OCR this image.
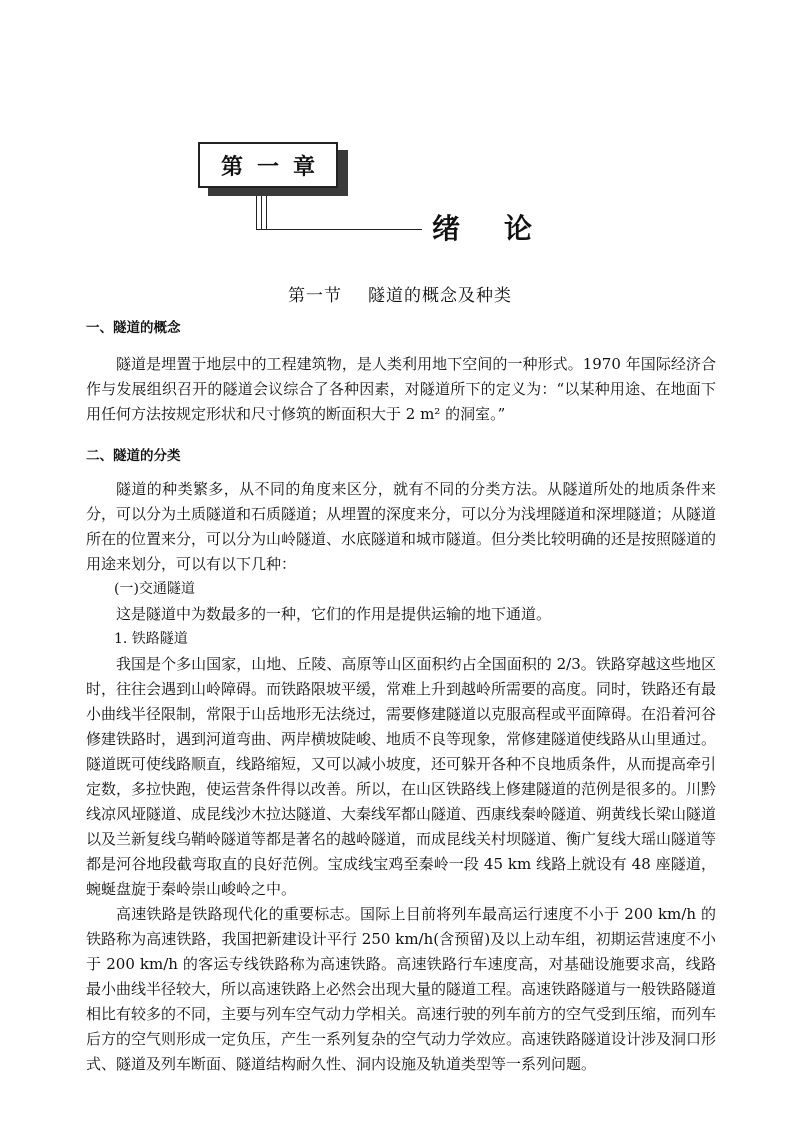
第一章
绪论
第一节 隧道的概念及种类

一、隧道的概念

隧道是埋置于地层中的工程建筑物，是人类利用地下空间的一种形式。1970 年国际经济合作与发展组织召开的隧道会议综合了各种因素，对隧道所下的定义为：“以某种用途、在地面下用任何方法按规定形状和尺寸修筑的断面积大于 2 m² 的洞室。”

二、隧道的分类

隧道的种类繁多，从不同的角度来区分，就有不同的分类方法。从隧道所处的地质条件来分，可以分为土质隧道和石质隧道；从埋置的深度来分，可以分为浅埋隧道和深埋隧道；从隧道所在的位置来分，可以分为山岭隧道、水底隧道和城市隧道。但分类比较明确的还是按照隧道的用途来划分，可以有以下几种：

(一)交通隧道

这是隧道中为数最多的一种，它们的作用是提供运输的地下通道。

1. 铁路隧道

我国是个多山国家，山地、丘陵、高原等山区面积约占全国面积的 2/3。铁路穿越这些地区时，往往会遇到山岭障碍。而铁路限坡平缓，常难上升到越岭所需要的高度。同时，铁路还有最小曲线半径限制，常限于山岳地形无法绕过，需要修建隧道以克服高程或平面障碍。在沿着河谷修建铁路时，遇到河道弯曲、两岸横坡陡峻、地质不良等现象，常修建隧道使线路从山里通过。隧道既可使线路顺直，线路缩短，又可以减小坡度，还可躲开各种不良地质条件，从而提高牵引定数，多拉快跑，使运营条件得以改善。所以，在山区铁路线上修建隧道的范例是很多的。川黔线凉风垭隧道、成昆线沙木拉达隧道、大秦线军都山隧道、西康线秦岭隧道、朔黄线长梁山隧道以及兰新复线乌鞘岭隧道等都是著名的越岭隧道，而成昆线关村坝隧道、衡广复线大瑶山隧道等都是河谷地段截弯取直的良好范例。宝成线宝鸡至秦岭一段 45 km 线路上就设有 48 座隧道，蜿蜒盘旋于秦岭崇山峻岭之中。

高速铁路是铁路现代化的重要标志。国际上目前将列车最高运行速度不小于 200 km/h 的铁路称为高速铁路，我国把新建设计平行 250 km/h(含预留)及以上动车组，初期运营速度不小于 200 km/h 的客运专线铁路称为高速铁路。高速铁路行车速度高，对基础设施要求高，线路最小曲线半径较大，所以高速铁路上必然会出现大量的隧道工程。高速铁路隧道与一般铁路隧道相比有较多的不同，主要与列车空气动力学相关。高速行驶的列车前方的空气受到压缩，而列车后方的空气则形成一定负压，产生一系列复杂的空气动力学效应。高速铁路隧道设计涉及洞口形式、隧道及列车断面、隧道结构耐久性、洞内设施及轨道类型等一系列问题。
